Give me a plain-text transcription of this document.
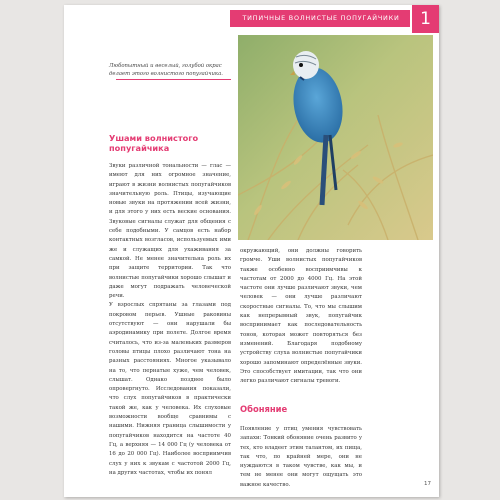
ТИПИЧНЫЕ ВОЛНИСТЫЕ ПОПУГАЙЧИКИ	1
Любопытный и веселый, голубой окрас делает этого волнистого попугайчика.
Ушами волнистого попугайчика

Звуки различной тональности — глас — имеют для них огромное значение, играют в жизни волнистых попугайчиков значительную роль. Птицы, изучающие новые звуки на протяжении всей жизни, и для этого у них есть веские основания. Звуковые сигналы служат для общения с себе подобными. У самцов есть набор контактных возгласов, используемых ими же и служащих для ухаживания за самкой. Не менее значительна роль их при защите территории. Так что волнистые попугайчики хорошо слышат и даже могут подражать человеческой речи.

У взрослых спрятаны за глазами под покровом перьев. Ушные раковины отсутствуют — они нарушали бы аэродинамику при полете. Долгое время считалось, что из-за маленьких размеров головы птицы плохо различают тона на разных расстояниях. Многое указывало на то, что пернатые хуже, чем человек, слышат. Однако позднее было опровергнуто. Исследования показали, что слух попугайчиков в практически такой же, как у человека. Их слуховые возможности вообще сравнимы с нашими. Нижняя граница слышимости у попугайчиков находится на частоте 40 Гц, а верхняя — 14 000 Гц (у человека от 16 до 20 000 Гц). Наиболее восприимчив слух у них к звукам с частотой 2000 Гц, на других частотах, чтобы их понял

окружающий, они должны говорить громче. Уши волнистых попугайчиков также особенно восприимчивы к частотам от 2000 до 4000 Гц. На этой частоте они лучше различают звуки, чем человек — они лучше различают скоростные сигналы. То, что мы слышим как непрерывный звук, попугайчик воспринимает как последовательность тонов, которая может повторяться без изменений. Благодаря подобному устройству слуха волнистые попугайчики хорошо запоминают определённые звуки. Это способствует имитации, так что они легко различают сигналы тревоги.

Обоняние

Появление у птиц умения чувствовать запахи: Тонкий обоняние очень развито у тех, кто владеет этим талантом, их пища, так что, по крайней мере, они не нуждаются в таком чувстве, как мы, и тем не менее они могут ощущать это важное качество.	17
